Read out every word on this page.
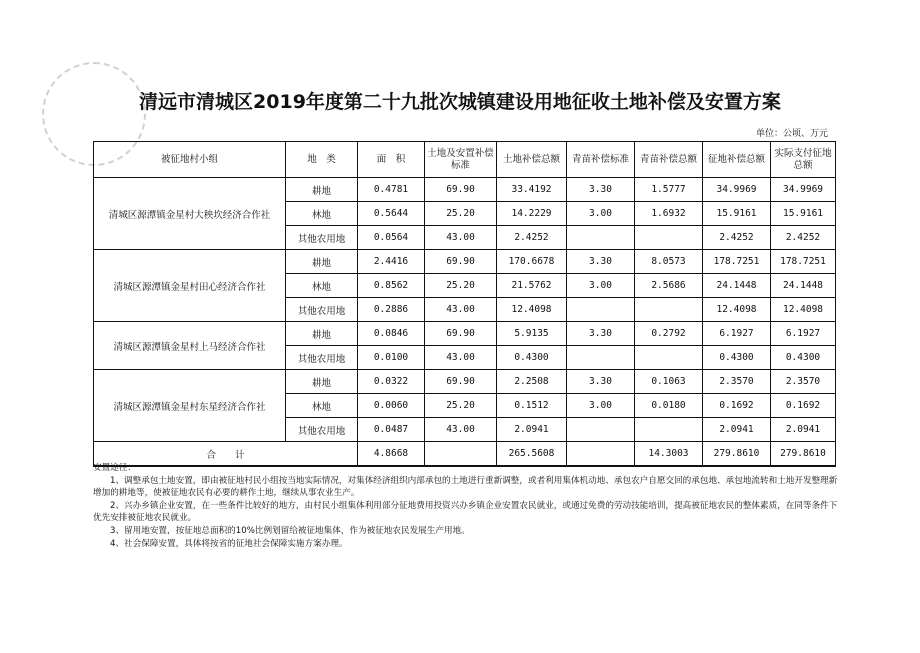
清远市清城区2019年度第二十九批次城镇建设用地征收土地补偿及安置方案
单位：公顷、万元
被征地村小组	地　类	面　积	土地及安置补偿标准	土地补偿总额	青苗补偿标准	青苗补偿总额	征地补偿总额	实际支付征地总额
清城区源潭镇金星村大秧坎经济合作社	耕地	0.4781	69.90	33.4192	3.30	1.5777	34.9969	34.9969
	林地	0.5644	25.20	14.2229	3.00	1.6932	15.9161	15.9161
	其他农用地	0.0564	43.00	2.4252			2.4252	2.4252
清城区源潭镇金星村田心经济合作社	耕地	2.4416	69.90	170.6678	3.30	8.0573	178.7251	178.7251
	林地	0.8562	25.20	21.5762	3.00	2.5686	24.1448	24.1448
	其他农用地	0.2886	43.00	12.4098			12.4098	12.4098
清城区源潭镇金星村上马经济合作社	耕地	0.0846	69.90	5.9135	3.30	0.2792	6.1927	6.1927
	其他农用地	0.0100	43.00	0.4300			0.4300	0.4300
清城区源潭镇金星村东星经济合作社	耕地	0.0322	69.90	2.2508	3.30	0.1063	2.3570	2.3570
	林地	0.0060	25.20	0.1512	3.00	0.0180	0.1692	0.1692
	其他农用地	0.0487	43.00	2.0941			2.0941	2.0941
合　　计		4.8668		265.5608		14.3003	279.8610	279.8610

安置途径：

1、调整承包土地安置，即由被征地村民小组按当地实际情况，对集体经济组织内部承包的土地进行重新调整，或者利用集体机动地、承包农户自愿交回的承包地、承包地流转和土地开发整理新增加的耕地等，使被征地农民有必要的耕作土地，继续从事农业生产。

2、兴办乡镇企业安置，在一些条件比较好的地方，由村民小组集体利用部分征地费用投资兴办乡镇企业安置农民就业，或通过免费的劳动技能培训，提高被征地农民的整体素质，在同等条件下优先安排被征地农民就业。

3、留用地安置，按征地总面积的10%比例划留给被征地集体，作为被征地农民发展生产用地。

4、社会保障安置，具体将按省的征地社会保障实施方案办理。
